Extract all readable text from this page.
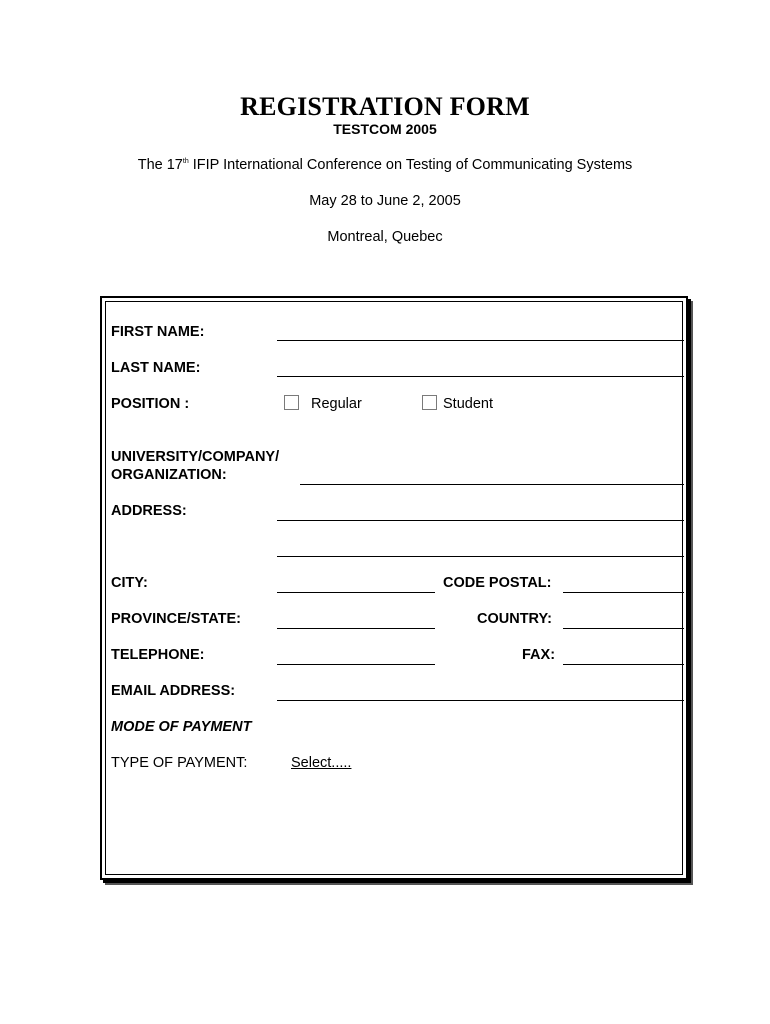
REGISTRATION FORM
TESTCOM 2005
The 17th IFIP International Conference on Testing of Communicating Systems
May 28 to June 2, 2005
Montreal, Quebec
FIRST NAME:
LAST NAME:
POSITION :	Regular	Student
UNIVERSITY/COMPANY/
ORGANIZATION:
ADDRESS:
CITY:	CODE POSTAL:
PROVINCE/STATE:	COUNTRY:
TELEPHONE:	FAX:
EMAIL ADDRESS:
MODE OF PAYMENT
TYPE OF PAYMENT:	Select.....
